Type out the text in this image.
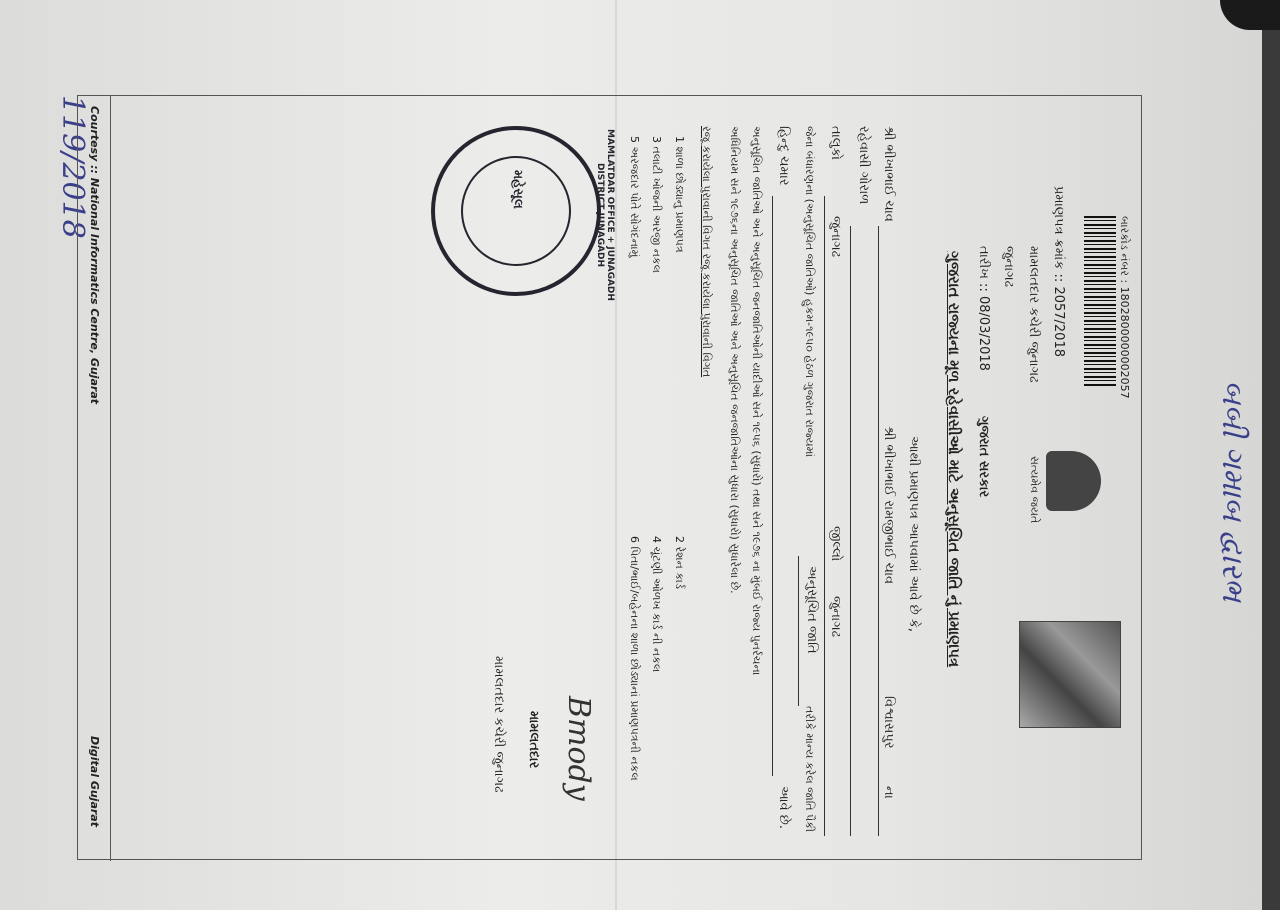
119/2018
બબી ગમાબ દ્વારભ
બારકોડ નંબર : 1802800000002057
પ્રમાણપત્ર ક્રમાંક :: 2057/2018
મામલતદાર કચેરી જુનાગઢ
જુનાગઢ
તારીખ :: 08/03/2018
સત્યમેવ જયતે
ગુજરાત સરકાર
ગુજરાત રાજ્યના મૂળ રહેવાસીઓ માટે અનુસૂચિત જાતિ નું પ્રમાણપત્ર
આથી પ્રમાણપત્ર આપવામાં આવે છે કે,
શ્રી ભીખાભાઈ ચાવ
શ્રી ભીખાભાઈ રામજીભાઈ ચાવ
ના
વિશ્વાસપુર
રહેવાસી ગોરાળ
તાલુકો
જુનાગઢ
જીલ્લો
જુનાગઢ
જેના બંધારણના (અનુસૂચિત જાતિઓ) હુકમ-૧૯૫૦ હેઠળ ગુજરાત રાજ્યમાં
અનુસૂચિત જાતિ
તરીકે માન્ય કરેલ જાતિ પૈકી
હિન્દુ ચમાર
આવે છે.
અનુસૂચિત જાતિઓ અને અનુસૂચિત જનજાતિઓની યાદીઓ સને ૧૯૫૬ (સુધારો) તથા સને ૧૯૭૬ ના મુંબઈ રાજ્ય પુનર્રચના
અધિનિયમ સને ૧૯૭૬ના અનુસૂચિત જાતિઓ અને અનુસૂચિત જનજાતિઓના સુધારા (સુધારો) સુધારેલા છે.
રજૂ કરાયેલા પુરાવાની વિગત રજૂ કરાયેલા પુરાવાની વિગત
1 શાળા છોડ્યાનુ પ્રમાણપત્ર
2 રેશન કાર્ડ
3 તલાટી ખોજની અરજી નકલ
4 ચૂંટણી ઓળખ કાર્ડ ની નકલ
5 અરજદાર પોતે સોગંદનામું
6 પિતા/ભાઈ/બહેનના શાળા છોડ્યાનાં પ્રમાણપત્રની નકલ
મહેસૂલ	MAMLATDAR OFFICE + JUNAGADH DISTRICT JUNAGADH
Bmody
મામલતદાર
મામલતદાર કચેરી જુનાગઢ
Courtesy :: National Informatics Centre, Gujarat
Digital Gujarat
